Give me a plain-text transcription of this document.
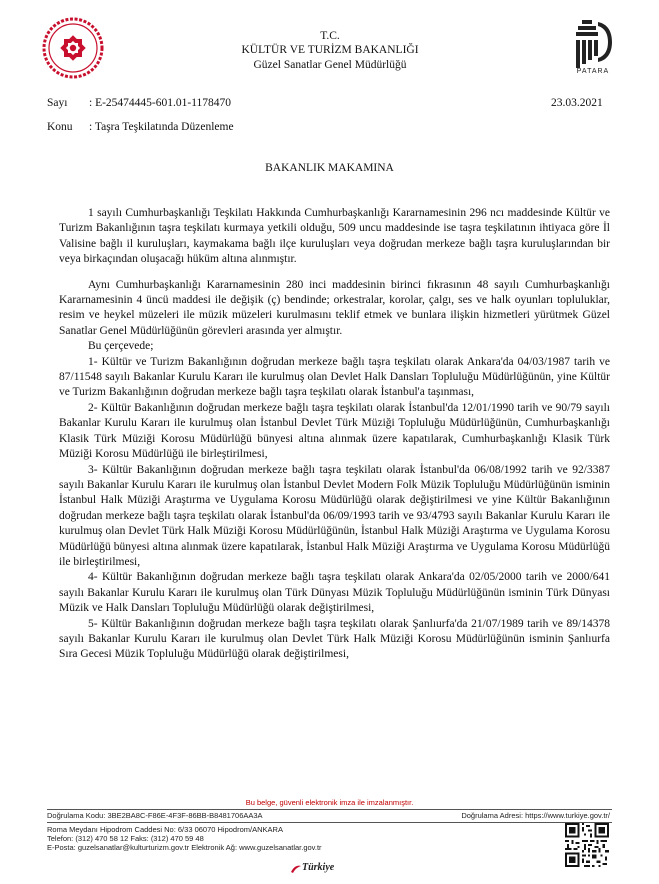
PATARA
T.C.
KÜLTÜR VE TURİZM BAKANLIĞI
Güzel Sanatlar Genel Müdürlüğü
Sayı : E-25474445-601.01-1178470	23.03.2021
Konu : Taşra Teşkilatında Düzenleme
BAKANLIK MAKAMINA

1 sayılı Cumhurbaşkanlığı Teşkilatı Hakkında Cumhurbaşkanlığı Kararnamesinin 296 ncı maddesinde Kültür ve Turizm Bakanlığının taşra teşkilatı kurmaya yetkili olduğu, 509 uncu maddesinde ise taşra teşkilatının ihtiyaca göre İl Valisine bağlı il kuruluşları, kaymakama bağlı ilçe kuruluşları veya doğrudan merkeze bağlı taşra kuruluşlarından bir veya birkaçından oluşacağı hüküm altına alınmıştır.

Aynı Cumhurbaşkanlığı Kararnamesinin 280 inci maddesinin birinci fıkrasının 48 sayılı Cumhurbaşkanlığı Kararnamesinin 4 üncü maddesi ile değişik (ç) bendinde; orkestralar, korolar, çalgı, ses ve halk oyunları topluluklar, resim ve heykel müzeleri ile müzik müzeleri kurulmasını teklif etmek ve bunlara ilişkin hizmetleri yürütmek Güzel Sanatlar Genel Müdürlüğünün görevleri arasında yer almıştır.

Bu çerçevede;

1- Kültür ve Turizm Bakanlığının doğrudan merkeze bağlı taşra teşkilatı olarak Ankara'da 04/03/1987 tarih ve 87/11548 sayılı Bakanlar Kurulu Kararı ile kurulmuş olan Devlet Halk Dansları Topluluğu Müdürlüğünün, yine Kültür ve Turizm Bakanlığının doğrudan merkeze bağlı taşra teşkilatı olarak İstanbul'a taşınması,

2- Kültür Bakanlığının doğrudan merkeze bağlı taşra teşkilatı olarak İstanbul'da 12/01/1990 tarih ve 90/79 sayılı Bakanlar Kurulu Kararı ile kurulmuş olan İstanbul Devlet Türk Müziği Topluluğu Müdürlüğünün, Cumhurbaşkanlığı Klasik Türk Müziği Korosu Müdürlüğü bünyesi altına alınmak üzere kapatılarak, Cumhurbaşkanlığı Klasik Türk Müziği Korosu Müdürlüğü ile birleştirilmesi,

3- Kültür Bakanlığının doğrudan merkeze bağlı taşra teşkilatı olarak İstanbul'da 06/08/1992 tarih ve 92/3387 sayılı Bakanlar Kurulu Kararı ile kurulmuş olan İstanbul Devlet Modern Folk Müzik Topluluğu Müdürlüğünün isminin İstanbul Halk Müziği Araştırma ve Uygulama Korosu Müdürlüğü olarak değiştirilmesi ve yine Kültür Bakanlığının doğrudan merkeze bağlı taşra teşkilatı olarak İstanbul'da 06/09/1993 tarih ve 93/4793 sayılı Bakanlar Kurulu Kararı ile kurulmuş olan Devlet Türk Halk Müziği Korosu Müdürlüğünün, İstanbul Halk Müziği Araştırma ve Uygulama Korosu Müdürlüğü bünyesi altına alınmak üzere kapatılarak, İstanbul Halk Müziği Araştırma ve Uygulama Korosu Müdürlüğü ile birleştirilmesi,

4- Kültür Bakanlığının doğrudan merkeze bağlı taşra teşkilatı olarak Ankara'da 02/05/2000 tarih ve 2000/641 sayılı Bakanlar Kurulu Kararı ile kurulmuş olan Türk Dünyası Müzik Topluluğu Müdürlüğünün isminin Türk Dünyası Müzik ve Halk Dansları Topluluğu Müdürlüğü olarak değiştirilmesi,

5- Kültür Bakanlığının doğrudan merkeze bağlı taşra teşkilatı olarak Şanlıurfa'da 21/07/1989 tarih ve 89/14378 sayılı Bakanlar Kurulu Kararı ile kurulmuş olan Devlet Türk Halk Müziği Korosu Müdürlüğünün isminin Şanlıurfa Sıra Gecesi Müzik Topluluğu Müdürlüğü olarak değiştirilmesi,

Bu belge, güvenli elektronik imza ile imzalanmıştır.
Doğrulama Kodu: 3BE2BA8C-F86E-4F3F-86BB-B8481706AA3A	Doğrulama Adresi: https://www.turkiye.gov.tr/
Roma Meydanı Hipodrom Caddesi No: 6/33 06070 Hipodrom/ANKARA
Telefon: (312) 470 58 12 Faks: (312) 470 59 48
E-Posta: guzelsanatlar@kulturturizm.gov.tr Elektronik Ağ: www.guzelsanatlar.gov.tr
Türkiye
